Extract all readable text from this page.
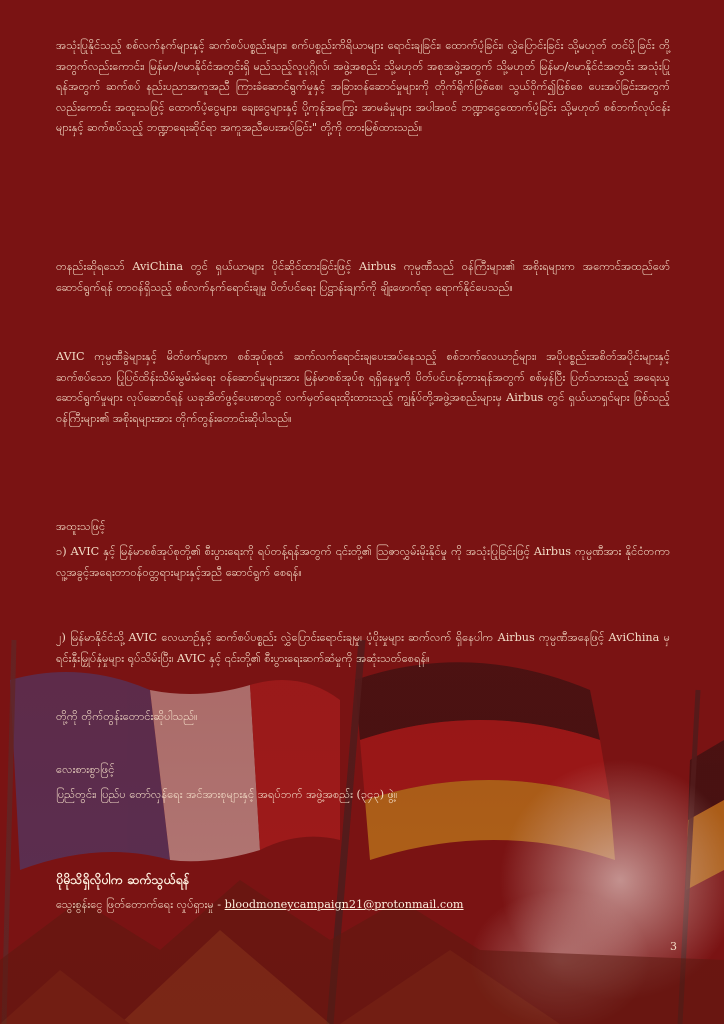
အသုံးပြုနိုင်သည့် စစ်လက်နက်များနှင့် ဆက်စပ်ပစ္စည်းများ၊ စက်ပစ္စည်းကိရိယာများ ရောင်းချခြင်း၊ ထောက်ပံ့ခြင်း၊ လွှဲပြောင်းခြင်း သို့မဟုတ် တင်ပို့ခြင်း တို့အတွက်လည်းကောင်း၊ မြန်မာ/ဗမာနိုင်ငံအတွင်းရှိ မည်သည့်လူပုဂ္ဂိုလ်၊ အဖွဲ့အစည်း သို့မဟုတ် အစုအဖွဲ့အတွက် သို့မဟုတ် မြန်မာ/ဗမာနိုင်ငံအတွင်း အသုံးပြုရန်အတွက် ဆက်စပ် နည်းပညာအကူအညီ ကြားခံဆောင်ရွက်မှုနှင့် အခြားဝန်ဆောင်မှုများကို တိုက်ရိုက်ဖြစ်စေ၊ သွယ်ဝိုက်၍ဖြစ်စေ ပေးအပ်ခြင်းအတွက်လည်းကောင်း အထူးသဖြင့် ထောက်ပံ့ငွေများ၊ ချေးငွေများနှင့် ပို့ကုန်အကြွေး အာမခံမှုများ အပါအဝင် ဘဏ္ဍာငွေထောက်ပံ့ခြင်း သို့မဟုတ် စစ်ဘက်လုပ်ငန်းများနှင့် ဆက်စပ်သည့် ဘဏ္ဍာရေးဆိုင်ရာ အကူအညီပေးအပ်ခြင်း" တို့ကို တားမြစ်ထားသည်။

တနည်းဆိုရသော် AviChina တွင် ရှယ်ယာများ ပိုင်ဆိုင်ထားခြင်းဖြင့် Airbus ကုမ္ပဏီသည် ဝန်ကြီးများ၏ အစိုးရများက အကောင်အထည်ဖော်ဆောင်ရွက်ရန် တာဝန်ရှိသည့် စစ်လက်နက်ရောင်းချမှု ပိတ်ပင်ရေး ပြဋ္ဌာန်းချက်ကို ချိုးဖောက်ရာ ရောက်နိုင်ပေသည်။

AVIC ကုမ္ပဏီခွဲများနှင့် မိတ်ဖက်များက စစ်အုပ်စုထံ ဆက်လက်ရောင်းချပေးအပ်နေသည့် စစ်ဘက်လေယာဉ်များ၊ အပိုပစ္စည်းအစိတ်အပိုင်းများနှင့် ဆက်စပ်သော ပြုပြင်ထိန်းသိမ်းမွမ်းမံရေး ဝန်ဆောင်မှုများအား မြန်မာစစ်အုပ်စု ရရှိနေမှုကို ပိတ်ပင်ဟန့်တားရန်အတွက် စစ်မှန်ပြီး ပြတ်သားသည့် အရေးယူဆောင်ရွက်မှုများ လုပ်ဆောင်ရန် ယခုအိတ်ဖွင့်ပေးစာတွင် လက်မှတ်ရေးထိုးထားသည့် ကျွန်ုပ်တို့အဖွဲ့အစည်းများမှ Airbus တွင် ရှယ်ယာရှင်များ ဖြစ်သည့် ဝန်ကြီးများ၏ အစိုးရများအား တိုက်တွန်းတောင်းဆိုပါသည်။

အထူးသဖြင့်

၁) AVIC နှင့် မြန်မာစစ်အုပ်စုတို့၏ စီးပွားရေးကို ရပ်တန့်ရန်အတွက် ၎င်းတို့၏ ဩဇာလွှမ်းမိုးနိုင်မှု ကို အသုံးပြုခြင်းဖြင့် Airbus ကုမ္ပဏီအား နိုင်ငံတကာ လူ့အခွင့်အရေးတာဝန်ဝတ္တရားများနှင့်အညီ ဆောင်ရွက် စေရန်။

၂) မြန်မာနိုင်ငံသို့ AVIC လေယာဉ်နှင့် ဆက်စပ်ပစ္စည်း လွှဲပြောင်းရောင်းချမှု၊ ပံ့ပိုးမှုများ ဆက်လက် ရှိနေပါက Airbus ကုမ္ပဏီအနေဖြင့် AviChina မှ ရင်းနှီးမြှုပ်နှံမှုများ ရုပ်သိမ်းပြီး၊ AVIC နှင့် ၎င်းတို့၏ စီးပွားရေးဆက်ဆံမှုကို အဆုံးသတ်စေရန်။

တို့ကို တိုက်တွန်းတောင်းဆိုပါသည်။

လေးစားစွာဖြင့်

ပြည်တွင်း၊ ပြည်ပ တော်လှန်ရေး အင်အားစုများနှင့် အရပ်ဘက် အဖွဲ့အစည်း (၃၄၃) ဖွဲ့။

ပိုမိုသိရှိလိုပါက ဆက်သွယ်ရန်

သွေးစွန်းငွေ ဖြတ်တောက်ရေး လှုပ်ရှားမှု - bloodmoneycampaign21@protonmail.com

3
